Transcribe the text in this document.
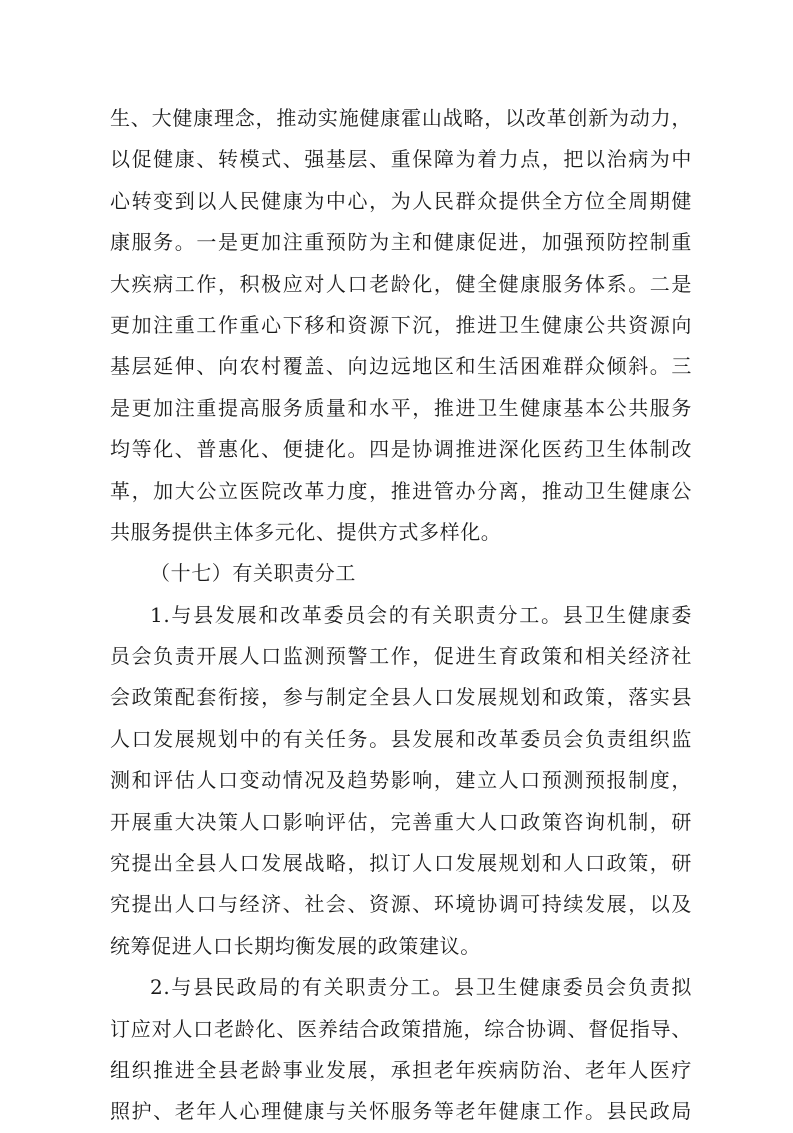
生、大健康理念，推动实施健康霍山战略，以改革创新为动力，
以促健康、转模式、强基层、重保障为着力点，把以治病为中
心转变到以人民健康为中心，为人民群众提供全方位全周期健
康服务。一是更加注重预防为主和健康促进，加强预防控制重
大疾病工作，积极应对人口老龄化，健全健康服务体系。二是
更加注重工作重心下移和资源下沉，推进卫生健康公共资源向
基层延伸、向农村覆盖、向边远地区和生活困难群众倾斜。三
是更加注重提高服务质量和水平，推进卫生健康基本公共服务
均等化、普惠化、便捷化。四是协调推进深化医药卫生体制改
革，加大公立医院改革力度，推进管办分离，推动卫生健康公
共服务提供主体多元化、提供方式多样化。
（十七）有关职责分工
1.与县发展和改革委员会的有关职责分工。县卫生健康委
员会负责开展人口监测预警工作，促进生育政策和相关经济社
会政策配套衔接，参与制定全县人口发展规划和政策，落实县
人口发展规划中的有关任务。县发展和改革委员会负责组织监
测和评估人口变动情况及趋势影响，建立人口预测预报制度，
开展重大决策人口影响评估，完善重大人口政策咨询机制，研
究提出全县人口发展战略，拟订人口发展规划和人口政策，研
究提出人口与经济、社会、资源、环境协调可持续发展，以及
统筹促进人口长期均衡发展的政策建议。
2.与县民政局的有关职责分工。县卫生健康委员会负责拟
订应对人口老龄化、医养结合政策措施，综合协调、督促指导、
组织推进全县老龄事业发展，承担老年疾病防治、老年人医疗
照护、老年人心理健康与关怀服务等老年健康工作。县民政局
